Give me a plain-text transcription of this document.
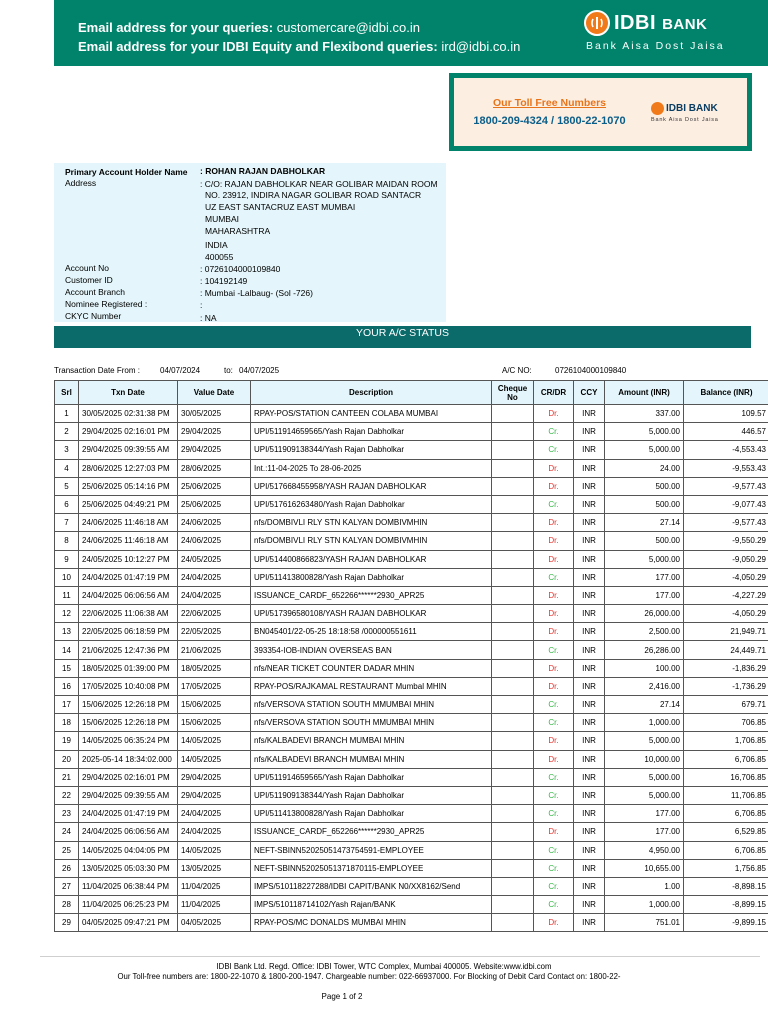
Email address for your queries: customercare@idbi.co.in
Email address for your IDBI Equity and Flexibond queries: ird@idbi.co.in
IDBI BANK
Bank Aisa Dost Jaisa
Our Toll Free Numbers
1800-209-4324 / 1800-22-1070
IDBI BANK
Bank Aisa Dost Jaisa
Primary Account Holder Name : ROHAN RAJAN DABHOLKAR
Address	: C/O: RAJAN DABHOLKAR NEAR GOLIBAR MAIDAN ROOM
NO. 23912, INDIRA NAGAR GOLIBAR ROAD SANTACR
UZ EAST SANTACRUZ EAST MUMBAI
MUMBAI
MAHARASHTRA
INDIA
400055
Account No	: 0726104000109840
Customer ID	: 104192149
Account Branch	: Mumbai -Lalbaug- (Sol -726)
Nominee Registered :	:
CKYC Number	: NA
YOUR A/C STATUS
Transaction Date From :	04/07/2024	to: 04/07/2025	A/C NO:	0726104000109840
Srl	Txn Date	Value Date	Description	Cheque No	CR/DR	CCY	Amount (INR)	Balance (INR)
1	30/05/2025 02:31:38 PM	30/05/2025	RPAY-POS/STATION CANTEEN COLABA MUMBAI		Dr.	INR	337.00	109.57
2	29/04/2025 02:16:01 PM	29/04/2025	UPI/511914659565/Yash Rajan Dabholkar		Cr.	INR	5,000.00	446.57
3	29/04/2025 09:39:55 AM	29/04/2025	UPI/511909138344/Yash Rajan Dabholkar		Cr.	INR	5,000.00	-4,553.43
4	28/06/2025 12:27:03 PM	28/06/2025	Int.:11-04-2025 To 28-06-2025		Dr.	INR	24.00	-9,553.43
5	25/06/2025 05:14:16 PM	25/06/2025	UPI/517668455958/YASH RAJAN DABHOLKAR		Dr.	INR	500.00	-9,577.43
6	25/06/2025 04:49:21 PM	25/06/2025	UPI/517616263480/Yash Rajan Dabholkar		Cr.	INR	500.00	-9,077.43
7	24/06/2025 11:46:18 AM	24/06/2025	nfs/DOMBIVLI RLY STN KALYAN DOMBIVMHIN		Dr.	INR	27.14	-9,577.43
8	24/06/2025 11:46:18 AM	24/06/2025	nfs/DOMBIVLI RLY STN KALYAN DOMBIVMHIN		Dr.	INR	500.00	-9,550.29
9	24/05/2025 10:12:27 PM	24/05/2025	UPI/514400866823/YASH RAJAN DABHOLKAR		Dr.	INR	5,000.00	-9,050.29
10	24/04/2025 01:47:19 PM	24/04/2025	UPI/511413800828/Yash Rajan Dabholkar		Cr.	INR	177.00	-4,050.29
11	24/04/2025 06:06:56 AM	24/04/2025	ISSUANCE_CARDF_652266******2930_APR25		Dr.	INR	177.00	-4,227.29
12	22/06/2025 11:06:38 AM	22/06/2025	UPI/517396580108/YASH RAJAN DABHOLKAR		Dr.	INR	26,000.00	-4,050.29
13	22/05/2025 06:18:59 PM	22/05/2025	BN045401/22-05-25 18:18:58 /000000551611		Dr.	INR	2,500.00	21,949.71
14	21/06/2025 12:47:36 PM	21/06/2025	393354-IOB-INDIAN OVERSEAS BAN		Cr.	INR	26,286.00	24,449.71
15	18/05/2025 01:39:00 PM	18/05/2025	nfs/NEAR TICKET COUNTER DADAR MHIN		Dr.	INR	100.00	-1,836.29
16	17/05/2025 10:40:08 PM	17/05/2025	RPAY-POS/RAJKAMAL RESTAURANT Mumbal MHIN		Dr.	INR	2,416.00	-1,736.29
17	15/06/2025 12:26:18 PM	15/06/2025	nfs/VERSOVA STATION SOUTH MMUMBAI MHIN		Cr.	INR	27.14	679.71
18	15/06/2025 12:26:18 PM	15/06/2025	nfs/VERSOVA STATION SOUTH MMUMBAI MHIN		Cr.	INR	1,000.00	706.85
19	14/05/2025 06:35:24 PM	14/05/2025	nfs/KALBADEVI BRANCH MUMBAI MHIN		Dr.	INR	5,000.00	1,706.85
20	2025-05-14 18:34:02.000	14/05/2025	nfs/KALBADEVI BRANCH MUMBAI MHIN		Dr.	INR	10,000.00	6,706.85
21	29/04/2025 02:16:01 PM	29/04/2025	UPI/511914659565/Yash Rajan Dabholkar		Cr.	INR	5,000.00	16,706.85
22	29/04/2025 09:39:55 AM	29/04/2025	UPI/511909138344/Yash Rajan Dabholkar		Cr.	INR	5,000.00	11,706.85
23	24/04/2025 01:47:19 PM	24/04/2025	UPI/511413800828/Yash Rajan Dabholkar		Cr.	INR	177.00	6,706.85
24	24/04/2025 06:06:56 AM	24/04/2025	ISSUANCE_CARDF_652266******2930_APR25		Dr.	INR	177.00	6,529.85
25	14/05/2025 04:04:05 PM	14/05/2025	NEFT-SBINN52025051473754591-EMPLOYEE		Cr.	INR	4,950.00	6,706.85
26	13/05/2025 05:03:30 PM	13/05/2025	NEFT-SBINN52025051371870115-EMPLOYEE		Cr.	INR	10,655.00	1,756.85
27	11/04/2025 06:38:44 PM	11/04/2025	IMPS/510118227288/IDBI CAPIT/BANK N0/XX8162/Send		Cr.	INR	1.00	-8,898.15
28	11/04/2025 06:25:23 PM	11/04/2025	IMPS/510118714102/Yash Rajan/BANK		Cr.	INR	1,000.00	-8,899.15
29	04/05/2025 09:47:21 PM	04/05/2025	RPAY-POS/MC DONALDS MUMBAI MHIN		Dr.	INR	751.01	-9,899.15
IDBI Bank Ltd. Regd. Office: IDBI Tower, WTC Complex, Mumbai 400005. Website:www.idbi.com
Our Toll-free numbers are: 1800-22-1070 & 1800-200-1947. Chargeable number: 022-66937000. For Blocking of Debit Card Contact on: 1800-22-
Page 1 of 2
